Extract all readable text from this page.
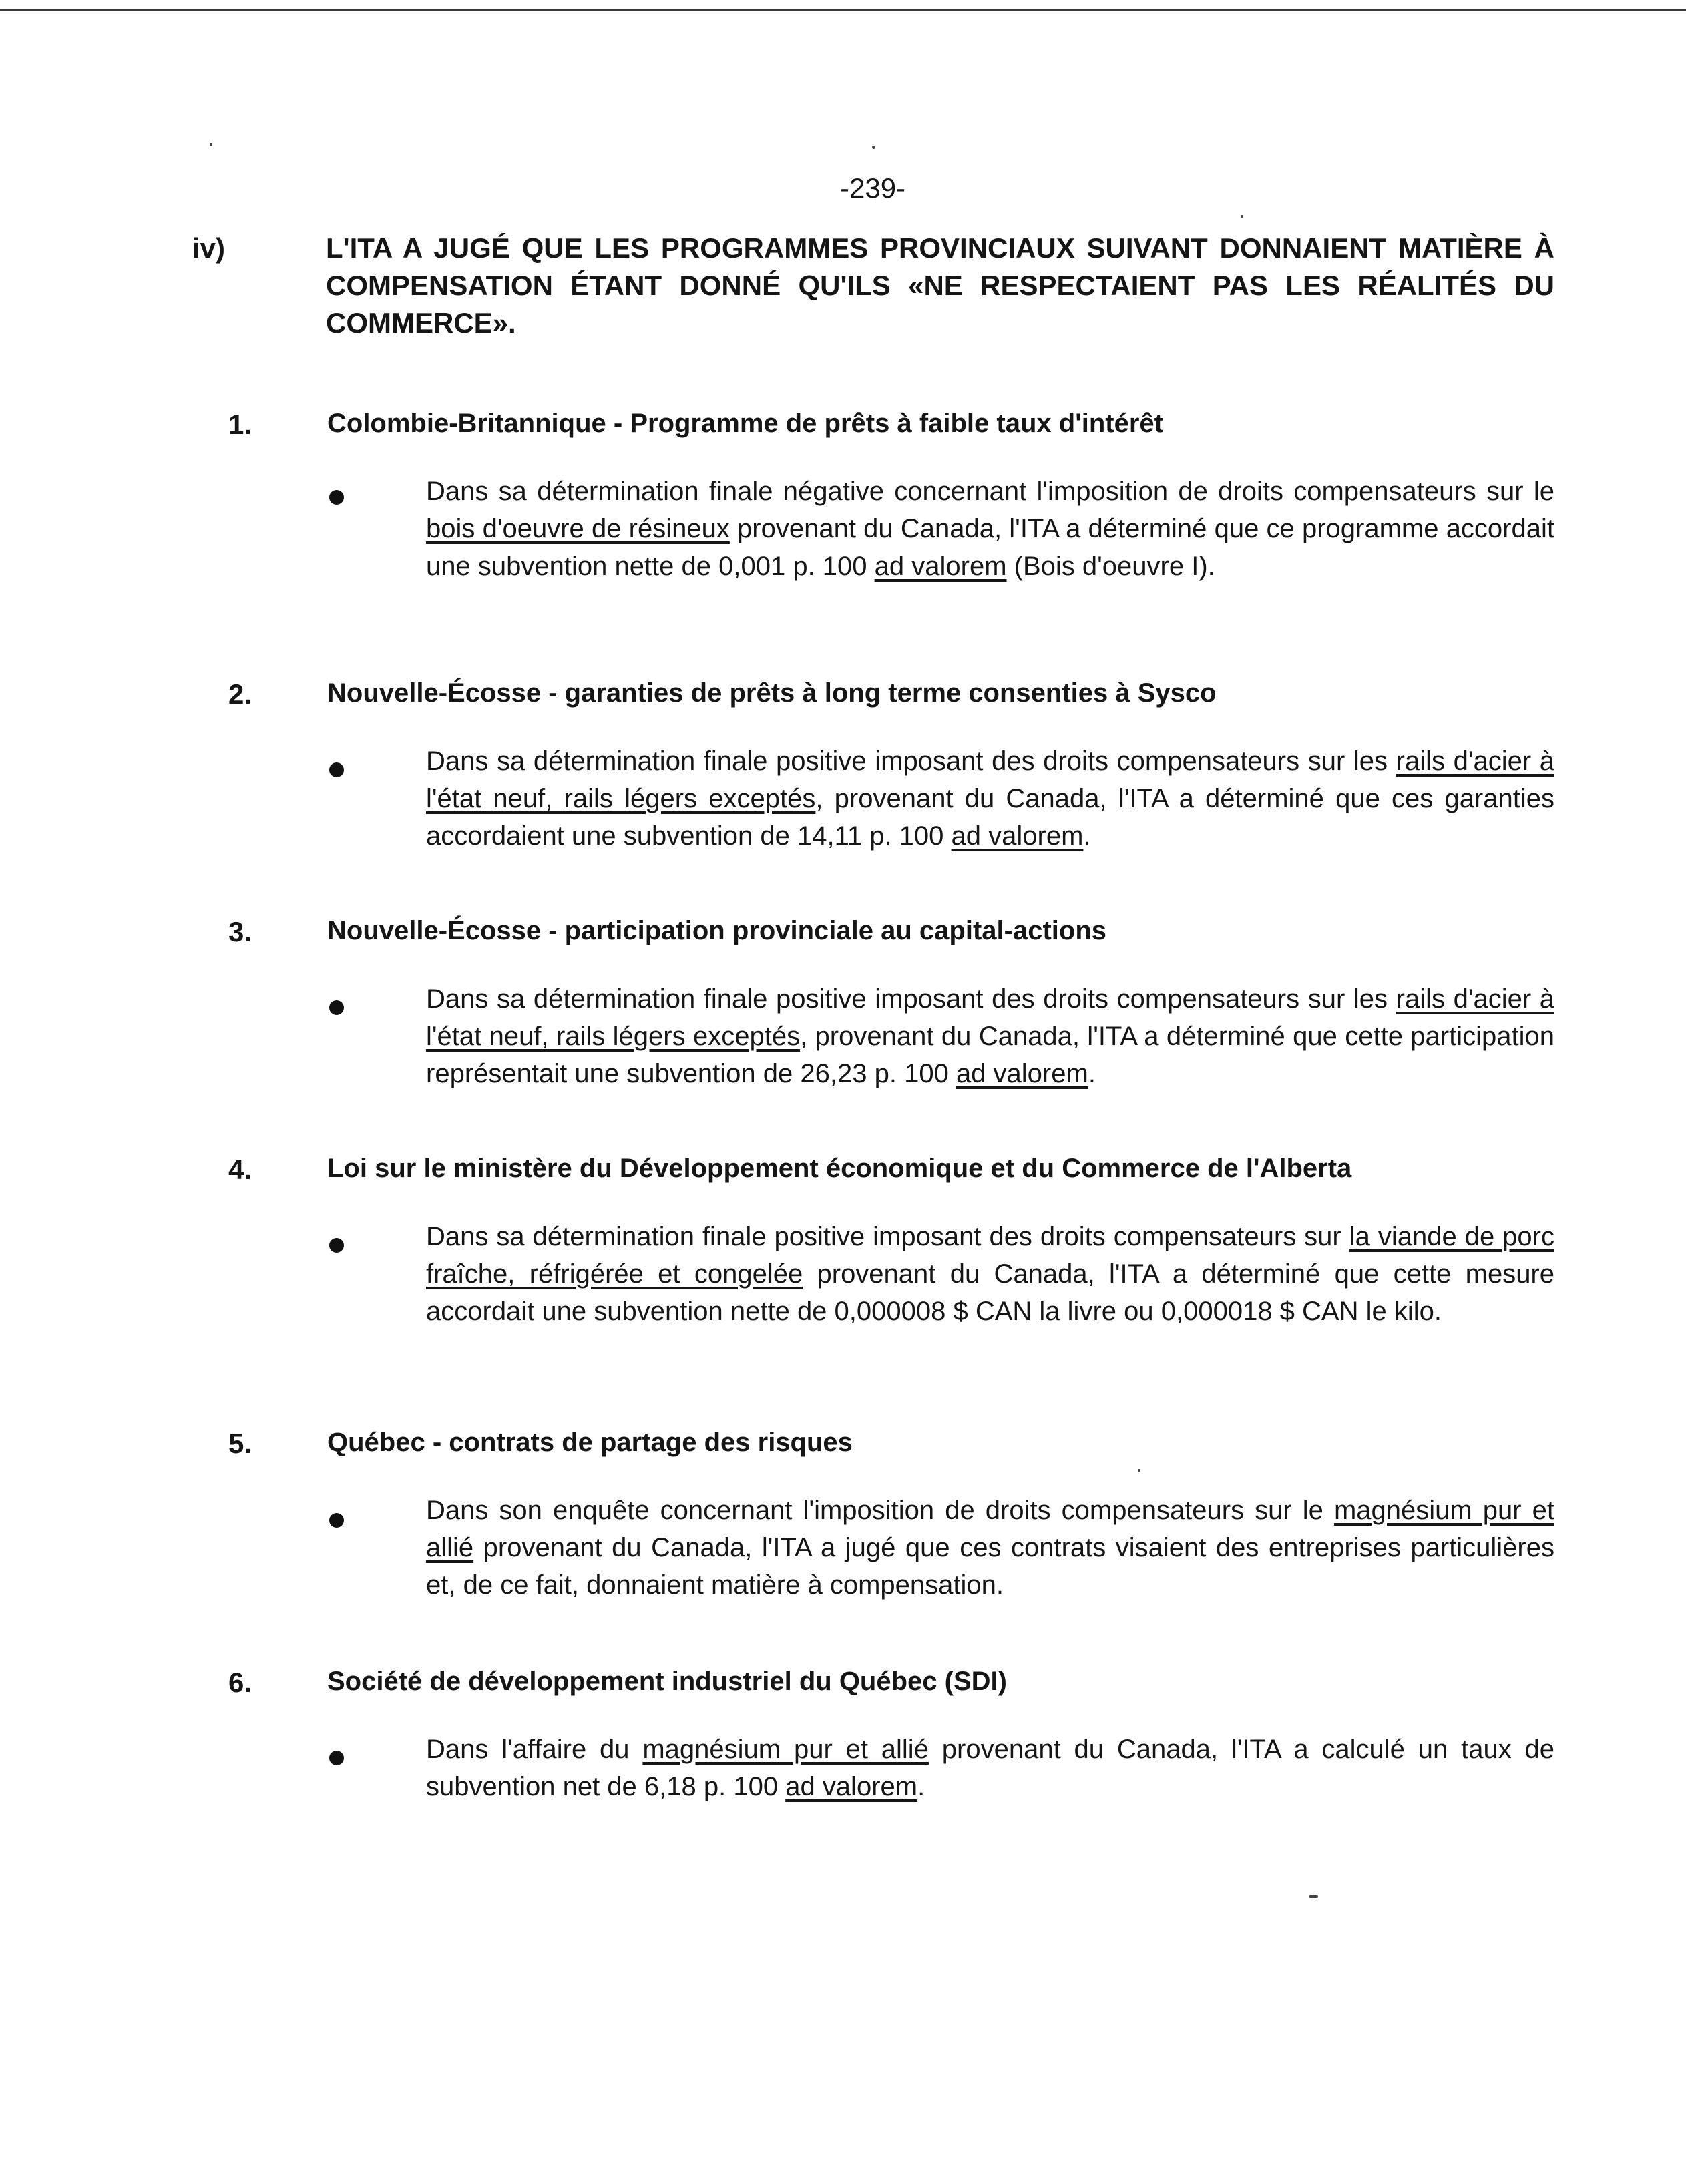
-239-
iv)	L'ITA A JUGÉ QUE LES PROGRAMMES PROVINCIAUX SUIVANT DONNAIENT MATIÈRE À COMPENSATION ÉTANT DONNÉ QU'ILS «NE RESPECTAIENT PAS LES RÉALITÉS DU COMMERCE».
1.	Colombie-Britannique - Programme de prêts à faible taux d'intérêt
Dans sa détermination finale négative concernant l'imposition de droits compensateurs sur le bois d'oeuvre de résineux provenant du Canada, l'ITA a déterminé que ce programme accordait une subvention nette de 0,001 p. 100 ad valorem (Bois d'oeuvre I).
2.	Nouvelle-Écosse - garanties de prêts à long terme consenties à Sysco
Dans sa détermination finale positive imposant des droits compensateurs sur les rails d'acier à l'état neuf, rails légers exceptés, provenant du Canada, l'ITA a déterminé que ces garanties accordaient une subvention de 14,11 p. 100 ad valorem.
3.	Nouvelle-Écosse - participation provinciale au capital-actions
Dans sa détermination finale positive imposant des droits compensateurs sur les rails d'acier à l'état neuf, rails légers exceptés, provenant du Canada, l'ITA a déterminé que cette participation représentait une subvention de 26,23 p. 100 ad valorem.
4.	Loi sur le ministère du Développement économique et du Commerce de l'Alberta
Dans sa détermination finale positive imposant des droits compensateurs sur la viande de porc fraîche, réfrigérée et congelée provenant du Canada, l'ITA a déterminé que cette mesure accordait une subvention nette de 0,000008 $ CAN la livre ou 0,000018 $ CAN le kilo.
5.	Québec - contrats de partage des risques
Dans son enquête concernant l'imposition de droits compensateurs sur le magnésium pur et allié provenant du Canada, l'ITA a jugé que ces contrats visaient des entreprises particulières et, de ce fait, donnaient matière à compensation.
6.	Société de développement industriel du Québec (SDI)
Dans l'affaire du magnésium pur et allié provenant du Canada, l'ITA a calculé un taux de subvention net de 6,18 p. 100 ad valorem.
